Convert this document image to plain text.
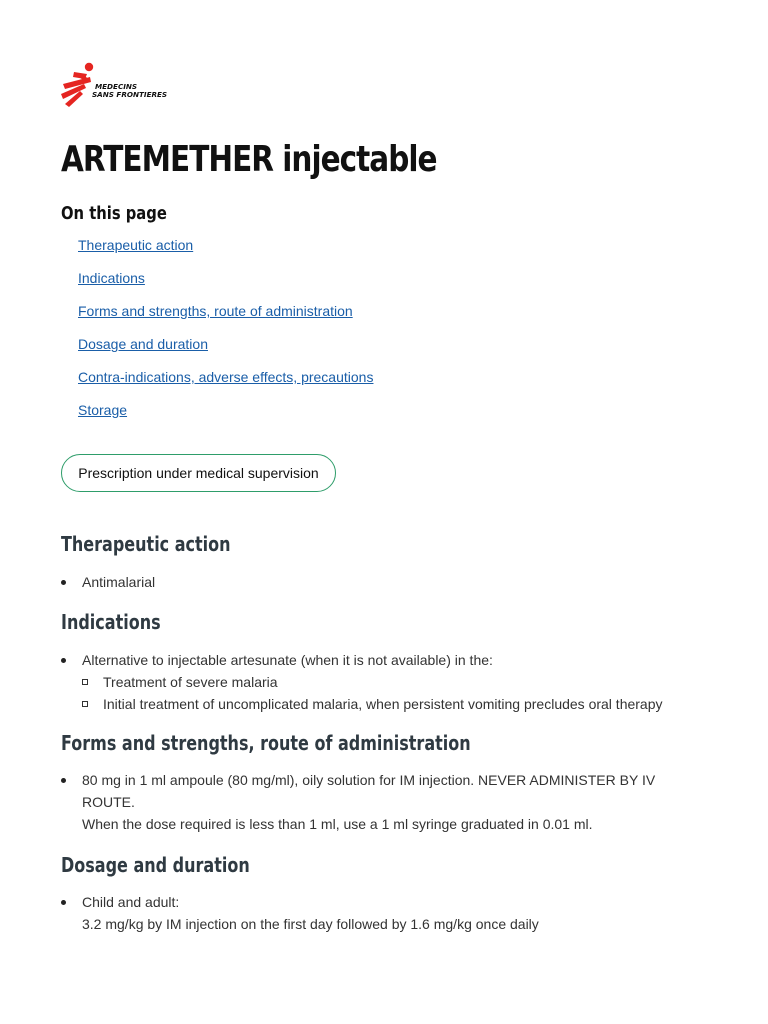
MEDECINS
SANS FRONTIERES
ARTEMETHER injectable
On this page
Therapeutic action
Indications
Forms and strengths, route of administration
Dosage and duration
Contra-indications, adverse effects, precautions
Storage
Prescription under medical supervision
Therapeutic action
Antimalarial
Indications
Alternative to injectable artesunate (when it is not available) in the:
Treatment of severe malaria
Initial treatment of uncomplicated malaria, when persistent vomiting precludes oral therapy
Forms and strengths, route of administration
80 mg in 1 ml ampoule (80 mg/ml), oily solution for IM injection. NEVER ADMINISTER BY IV ROUTE.
When the dose required is less than 1 ml, use a 1 ml syringe graduated in 0.01 ml.
Dosage and duration
Child and adult:
3.2 mg/kg by IM injection on the first day followed by 1.6 mg/kg once daily
